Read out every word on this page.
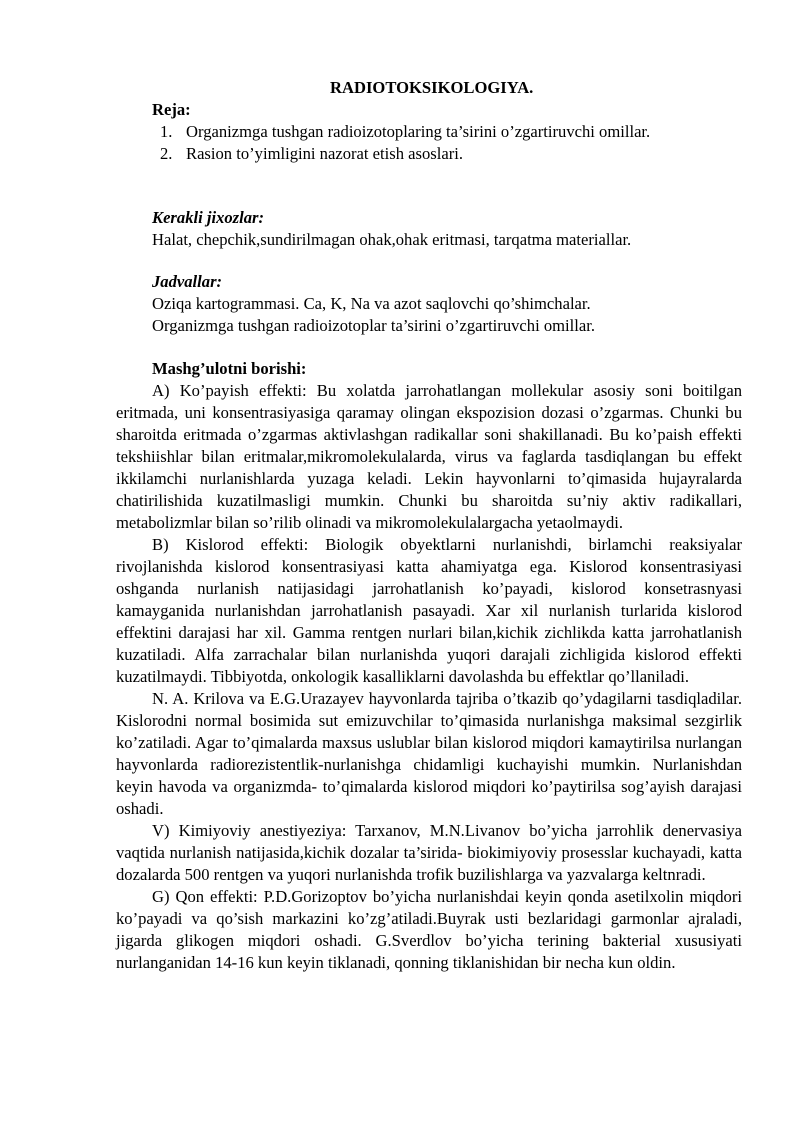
RADIOTOKSIKOLOGIYA.
Reja:
1. Organizmga tushgan radioizotoplaring ta’sirini o’zgartiruvchi omillar.
2. Rasion to’yimligini nazorat etish asoslari.
Kerakli jixozlar:
Halat, chepchik,sundirilmagan ohak,ohak eritmasi, tarqatma materiallar.
Jadvallar:
Oziqa kartogrammasi. Ca, K, Na va azot saqlovchi qo’shimchalar.
Organizmga tushgan radioizotoplar ta’sirini o’zgartiruvchi omillar.
Mashg’ulotni borishi:

A) Ko’payish effekti: Bu xolatda jarrohatlangan mollekular asosiy soni boitilgan eritmada, uni konsentrasiyasiga qaramay olingan ekspozision dozasi o’zgarmas. Chunki bu sharoitda eritmada o’zgarmas aktivlashgan radikallar soni shakillanadi. Bu ko’paish effekti tekshiishlar bilan eritmalar,mikromolekulalarda, virus va faglarda tasdiqlangan bu effekt ikkilamchi nurlanishlarda yuzaga keladi. Lekin hayvonlarni to’qimasida hujayralarda chatirilishida kuzatilmasligi mumkin. Chunki bu sharoitda su’niy aktiv radikallari, metabolizmlar bilan so’rilib olinadi va mikromolekulalargacha yetaolmaydi.

B) Kislorod effekti: Biologik obyektlarni nurlanishdi, birlamchi reaksiyalar rivojlanishda kislorod konsentrasiyasi katta ahamiyatga ega. Kislorod konsentrasiyasi oshganda nurlanish natijasidagi jarrohatlanish ko’payadi, kislorod konsetrasnyasi kamayganida nurlanishdan jarrohatlanish pasayadi. Xar xil nurlanish turlarida kislorod effektini darajasi har xil. Gamma rentgen nurlari bilan,kichik zichlikda katta jarrohatlanish kuzatiladi. Alfa zarrachalar bilan nurlanishda yuqori darajali zichligida kislorod effekti kuzatilmaydi. Tibbiyotda, onkologik kasalliklarni davolashda bu effektlar qo’llaniladi.

N. A. Krilova va E.G.Urazayev hayvonlarda tajriba o’tkazib qo’ydagilarni tasdiqladilar. Kislorodni normal bosimida sut emizuvchilar to’qimasida nurlanishga maksimal sezgirlik ko’zatiladi. Agar to’qimalarda maxsus uslublar bilan kislorod miqdori kamaytirilsa nurlangan hayvonlarda radiorezistentlik-nurlanishga chidamligi kuchayishi mumkin. Nurlanishdan keyin havoda va organizmda- to’qimalarda kislorod miqdori ko’paytirilsa sog’ayish darajasi oshadi.

V) Kimiyoviy anestiyeziya: Tarxanov, M.N.Livanov bo’yicha jarrohlik denervasiya vaqtida nurlanish natijasida,kichik dozalar ta’sirida- biokimiyoviy prosesslar kuchayadi, katta dozalarda 500 rentgen va yuqori nurlanishda trofik buzilishlarga va yazvalarga keltnradi.

G) Qon effekti: P.D.Gorizoptov bo’yicha nurlanishdai keyin qonda asetilxolin miqdori ko’payadi va qo’sish markazini ko’zg’atiladi.Buyrak usti bezlaridagi garmonlar ajraladi, jigarda glikogen miqdori oshadi. G.Sverdlov bo’yicha terining bakterial xususiyati nurlanganidan 14-16 kun keyin tiklanadi, qonning tiklanishidan bir necha kun oldin.
